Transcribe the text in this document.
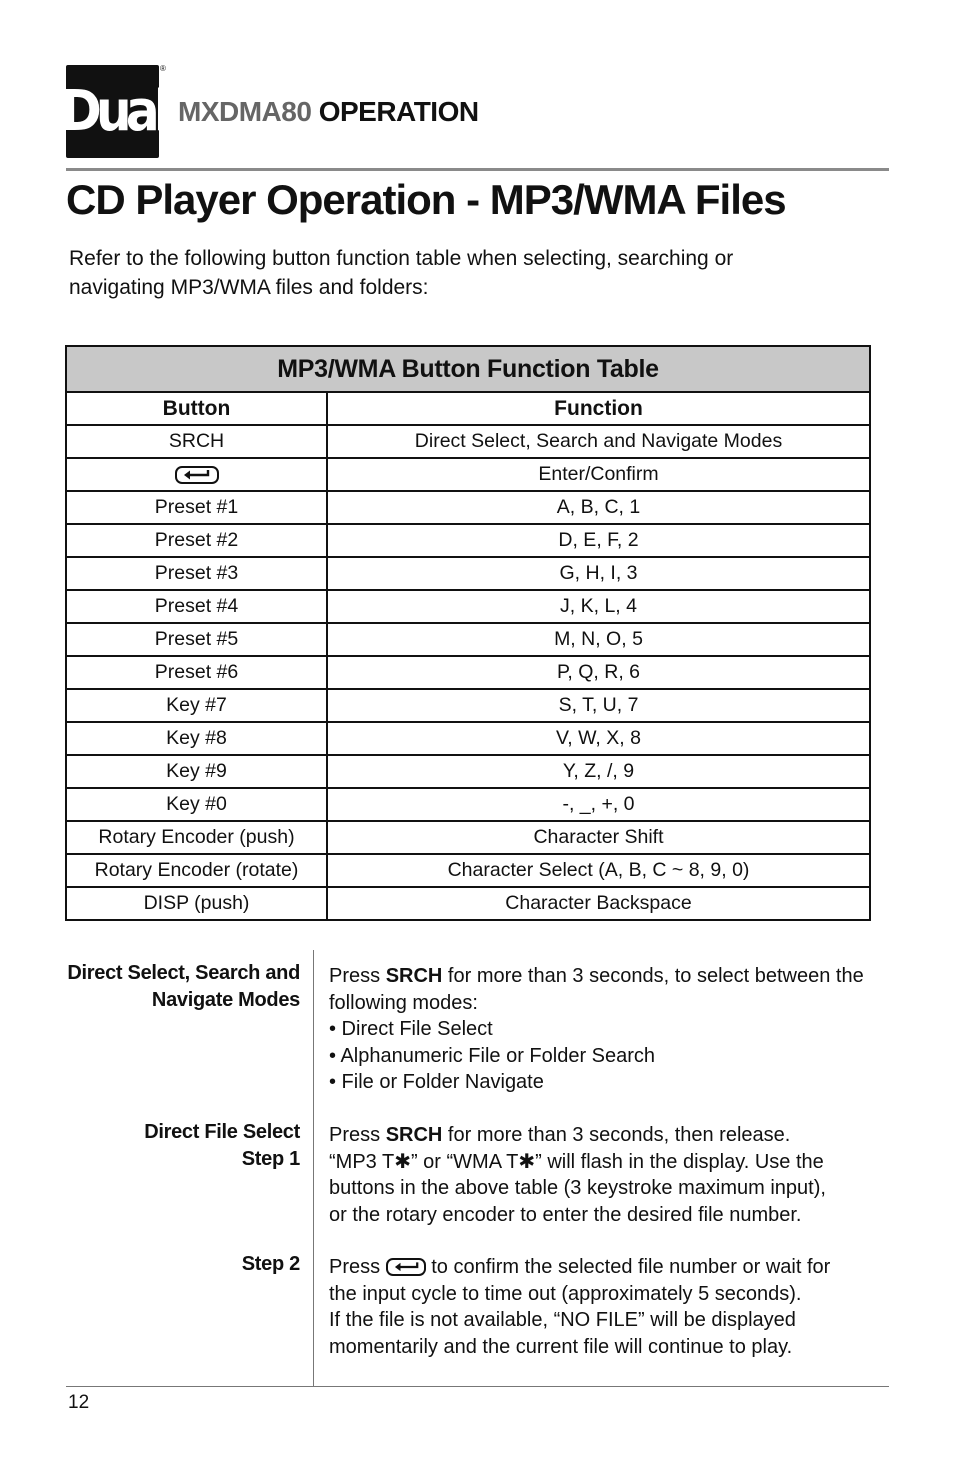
Dual
®
MXDMA80 OPERATION
CD Player Operation - MP3/WMA Files
Refer to the following button function table when selecting, searching or
navigating MP3/WMA files and folders:
MP3/WMA Button Function Table	
Button	Function
SRCH	Direct Select, Search and Navigate Modes

	Enter/Confirm
Preset #1	A, B, C, 1
Preset #2	D, E, F, 2
Preset #3	G, H, I, 3
Preset #4	J, K, L, 4
Preset #5	M, N, O, 5
Preset #6	P, Q, R, 6
Key #7	S, T, U, 7
Key #8	V, W, X, 8
Key #9	Y, Z, /, 9
Key #0	-, _, +, 0
Rotary Encoder (push)	Character Shift
Rotary Encoder (rotate)	Character Select (A, B, C ~ 8, 9, 0)
DISP (push)	Character Backspace
Direct Select, Search and
Navigate Modes
Press SRCH for more than 3 seconds, to select between the
following modes:
• Direct File Select
• Alphanumeric File or Folder Search
• File or Folder Navigate
Direct File Select
Step 1
Press SRCH for more than 3 seconds, then release.
“MP3 T✱” or “WMA T✱” will flash in the display. Use the
buttons in the above table (3 keystroke maximum input),
or the rotary encoder to enter the desired file number.
Step 2 Press
to confirm the selected file number or wait for
the input cycle to time out (approximately 5 seconds).
If the file is not available, “NO FILE” will be displayed
momentarily and the current file will continue to play.
12
